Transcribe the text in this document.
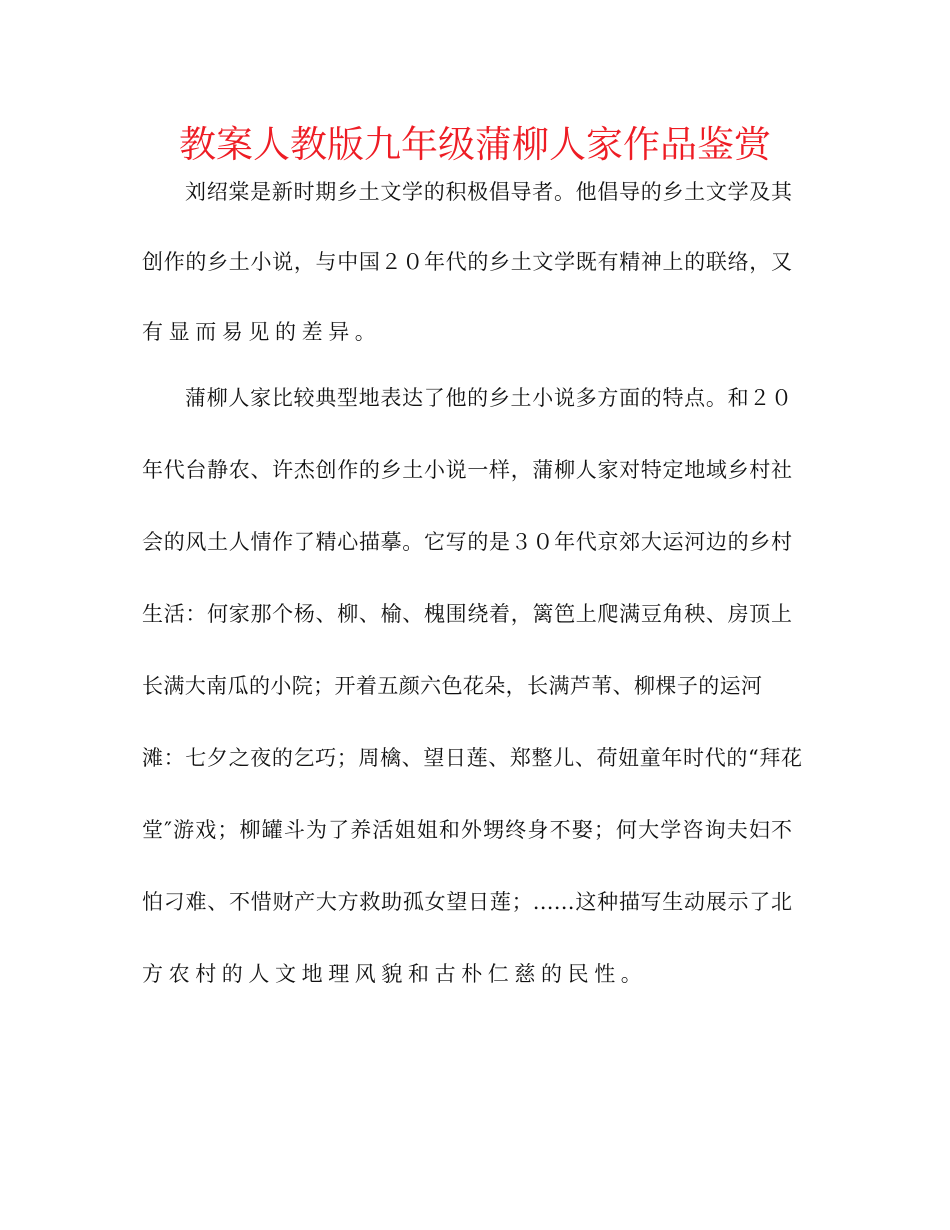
教案人教版九年级蒲柳人家作品鉴赏
刘绍棠是新时期乡土文学的积极倡导者。他倡导的乡土文学及其
创作的乡土小说，与中国２０年代的乡土文学既有精神上的联络，又
有显而易见的差异。
蒲柳人家比较典型地表达了他的乡土小说多方面的特点。和２０
年代台静农、许杰创作的乡土小说一样，蒲柳人家对特定地域乡村社
会的风土人情作了精心描摹。它写的是３０年代京郊大运河边的乡村
生活：何家那个杨、柳、榆、槐围绕着，篱笆上爬满豆角秧、房顶上
长满大南瓜的小院；开着五颜六色花朵，长满芦苇、柳棵子的运河
滩：七夕之夜的乞巧；周檎、望日莲、郑整儿、荷妞童年时代的“拜花
堂″游戏；柳罐斗为了养活姐姐和外甥终身不娶；何大学咨询夫妇不
怕刁难、不惜财产大方救助孤女望日莲；……这种描写生动展示了北
方农村的人文地理风貌和古朴仁慈的民性。
